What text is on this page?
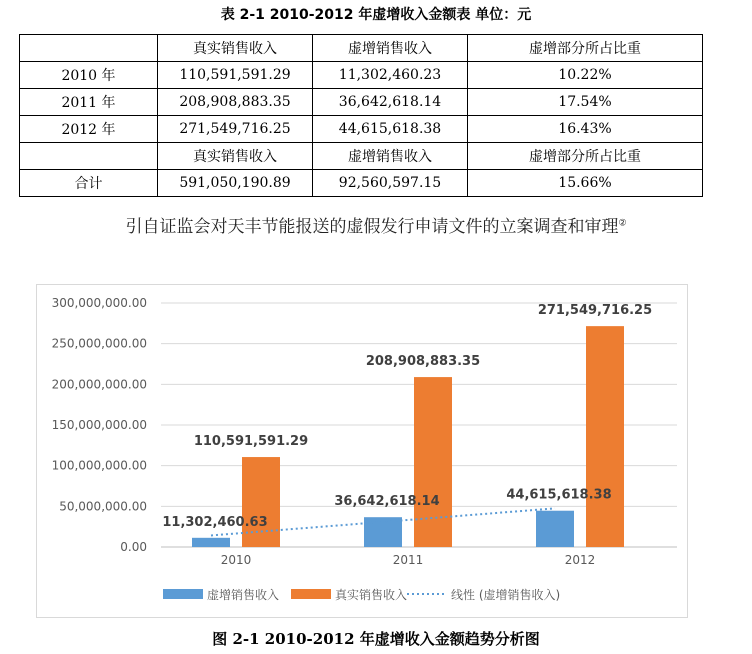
表 2-1 2010-2012 年虚增收入金额表 单位：元
	真实销售收入	虚增销售收入	虚增部分所占比重
2010 年	110,591,591.29	11,302,460.23	10.22%
2011 年	208,908,883.35	36,642,618.14	17.54%
2012 年	271,549,716.25	44,615,618.38	16.43%
	真实销售收入	虚增销售收入	虚增部分所占比重
合计	591,050,190.89	92,560,597.15	15.66%
引自证监会对天丰节能报送的虚假发行申请文件的立案调查和审理②
0.00
50,000,000.00
100,000,000.00
150,000,000.00
200,000,000.00
250,000,000.00
300,000,000.00
11,302,460.63
110,591,591.29
2010
36,642,618.14
208,908,883.35
2011
44,615,618.38
271,549,716.25
2012
虚增销售收入	真实销售收入	线性 (虚增销售收入)
图 2-1 2010-2012 年虚增收入金额趋势分析图
